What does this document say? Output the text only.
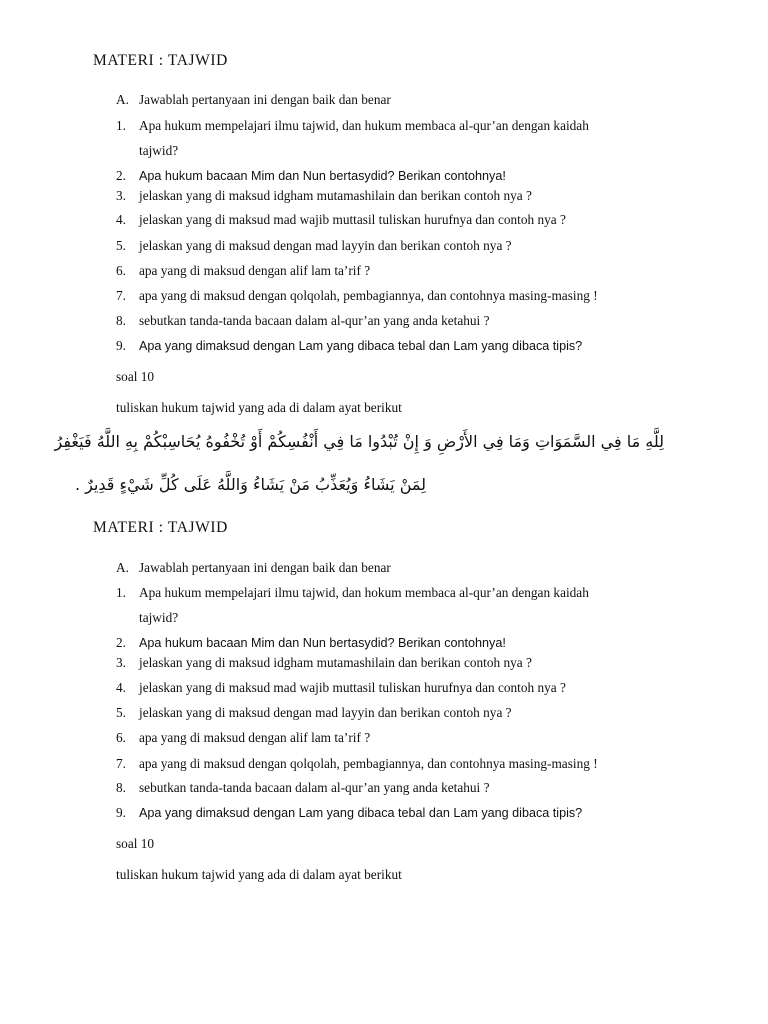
MATERI : TAJWID
A. Jawablah pertanyaan ini dengan baik dan benar
1. Apa hukum mempelajari ilmu tajwid, dan hukum membaca al-qur’an dengan kaidah
tajwid?
2. Apa hukum bacaan Mim dan Nun bertasydid? Berikan contohnya!
3. jelaskan yang di maksud idgham mutamashilain dan berikan contoh nya ?
4. jelaskan yang di maksud mad wajib muttasil tuliskan hurufnya dan contoh nya ?
5. jelaskan yang di maksud dengan mad layyin dan berikan contoh nya ?
6. apa yang di maksud dengan alif lam ta’rif ?
7. apa yang di maksud dengan qolqolah, pembagiannya, dan contohnya masing-masing !
8. sebutkan tanda-tanda bacaan dalam al-qur’an yang anda ketahui ?
9. Apa yang dimaksud dengan Lam yang dibaca tebal dan Lam yang dibaca tipis?
soal 10
tuliskan hukum tajwid yang ada di dalam ayat berikut
لِلَّهِ مَا فِي السَّمَوَاتِ وَمَا فِي الأَرْضِ وَ إِنْ تُبْدُوا مَا فِي أَنْفُسِكُمْ أَوْ تُخْفُوهُ يُحَاسِبْكُمْ بِهِ اللَّهُ فَيَغْفِرُ
لِمَنْ يَشَاءُ وَيُعَذِّبُ مَنْ يَشَاءُ وَاللَّهُ عَلَى كُلِّ شَيْءٍ قَدِيرٌ .
MATERI : TAJWID
A. Jawablah pertanyaan ini dengan baik dan benar
1. Apa hukum mempelajari ilmu tajwid, dan hokum membaca al-qur’an dengan kaidah
tajwid?
2. Apa hukum bacaan Mim dan Nun bertasydid? Berikan contohnya!
3. jelaskan yang di maksud idgham mutamashilain dan berikan contoh nya ?
4. jelaskan yang di maksud mad wajib muttasil tuliskan hurufnya dan contoh nya ?
5. jelaskan yang di maksud dengan mad layyin dan berikan contoh nya ?
6. apa yang di maksud dengan alif lam ta’rif ?
7. apa yang di maksud dengan qolqolah, pembagiannya, dan contohnya masing-masing !
8. sebutkan tanda-tanda bacaan dalam al-qur’an yang anda ketahui ?
9. Apa yang dimaksud dengan Lam yang dibaca tebal dan Lam yang dibaca tipis?
soal 10
tuliskan hukum tajwid yang ada di dalam ayat berikut
